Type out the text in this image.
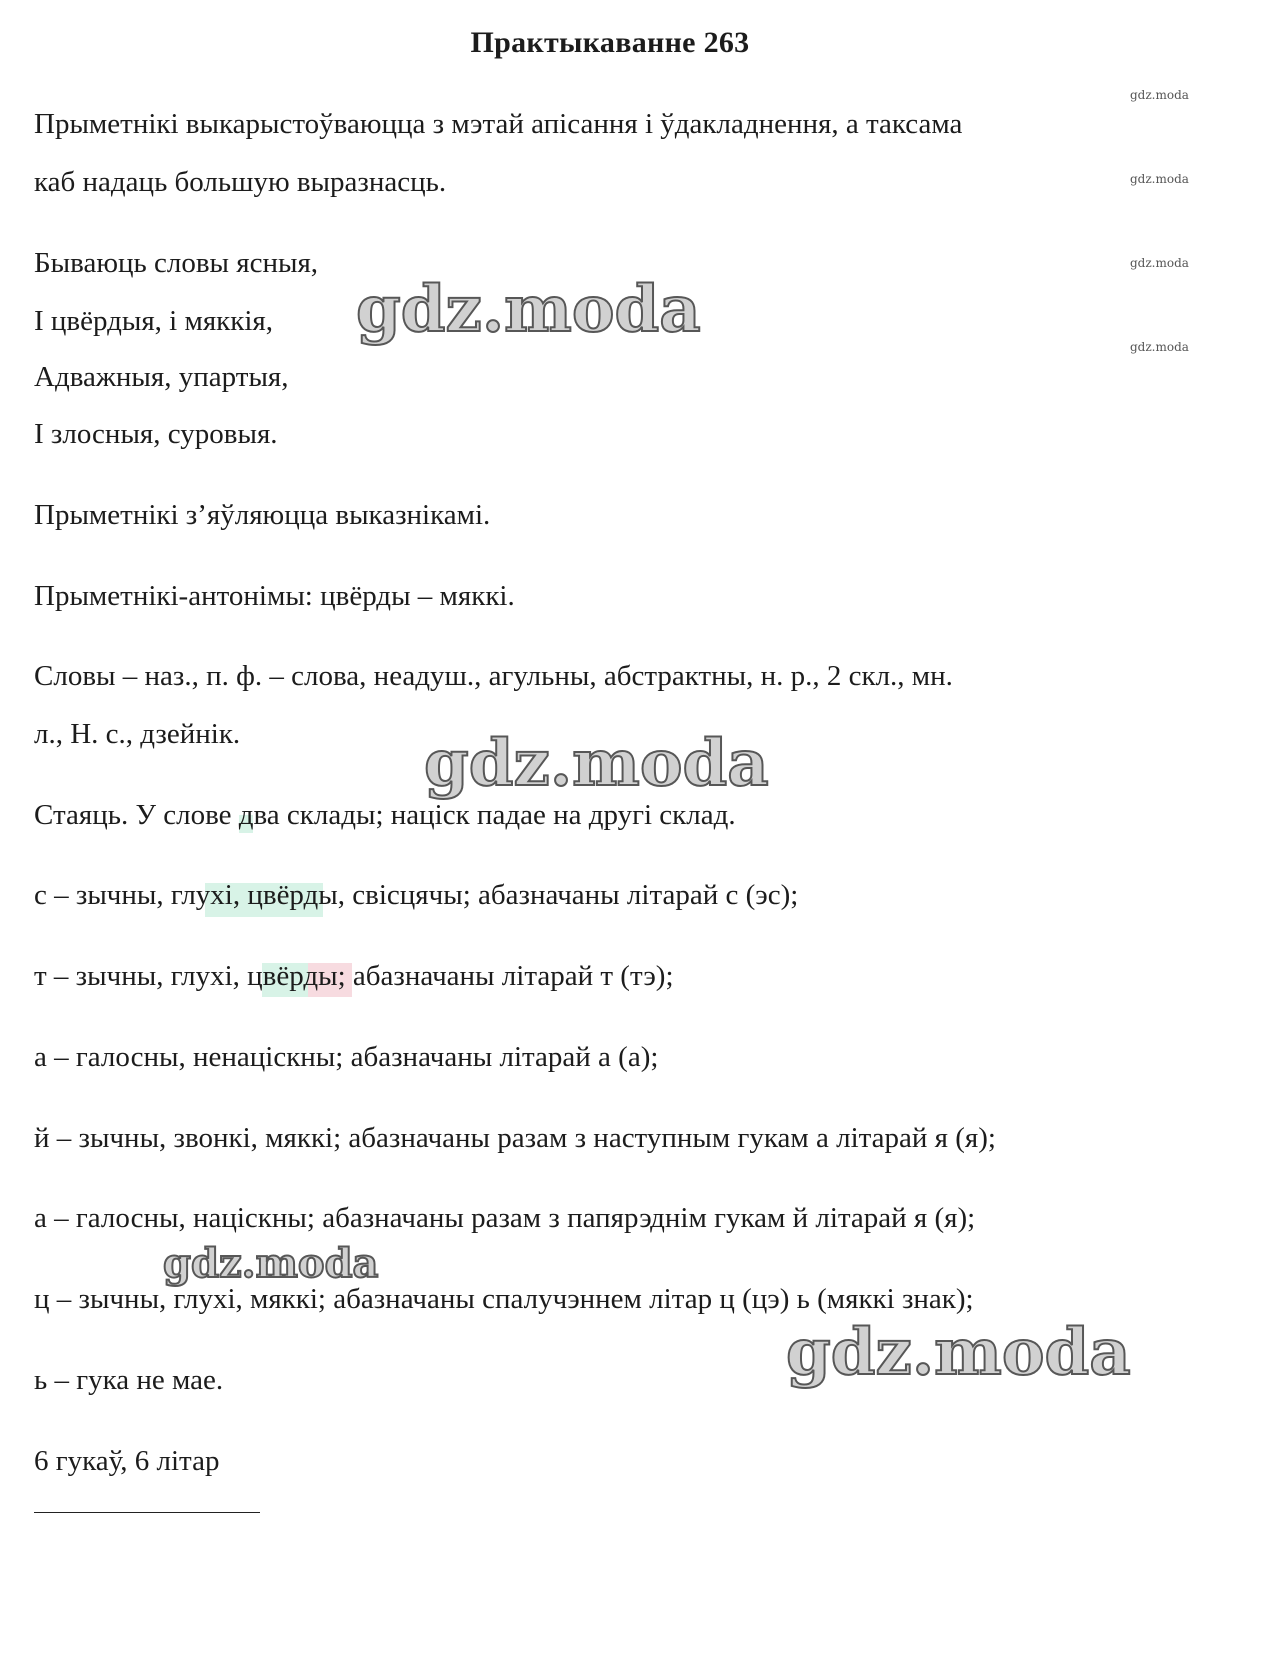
Практыкаванне 263
Прыметнікі выкарыстоўваюцца з мэтай апісання і ўдакладнення, а таксама
каб надаць большую выразнасць.
Бываюць словы ясныя,
І цвёрдыя, і мяккія,
Адважныя, упартыя,
І злосныя, суровыя.
Прыметнікі з’яўляюцца выказнікамі.
Прыметнікі-антонімы: цвёрды – мяккі.
Словы – наз., п. ф. – слова, неадуш., агульны, абстрактны, н. р., 2 скл., мн.
л., Н. с., дзейнік.
Стаяць. У слове два склады; націск падае на другі склад.
с – зычны, глухі, цвёрды, свісцячы; абазначаны літарай с (эс);
т – зычны, глухі, цвёрды; абазначаны літарай т (тэ);
а – галосны, ненаціскны; абазначаны літарай а (а);
й – зычны, звонкі, мяккі; абазначаны разам з наступным гукам а літарай я (я);
а – галосны, націскны; абазначаны разам з папярэднім гукам й літарай я (я);
ц – зычны, глухі, мяккі; абазначаны спалучэннем літар ц (цэ) ь (мяккі знак);
ь – гука не мае.
6 гукаў, 6 літар
gdz.moda
gdz.moda
gdz.moda
gdz.moda
gdz.moda
gdz.moda
gdz.moda
gdz.moda
